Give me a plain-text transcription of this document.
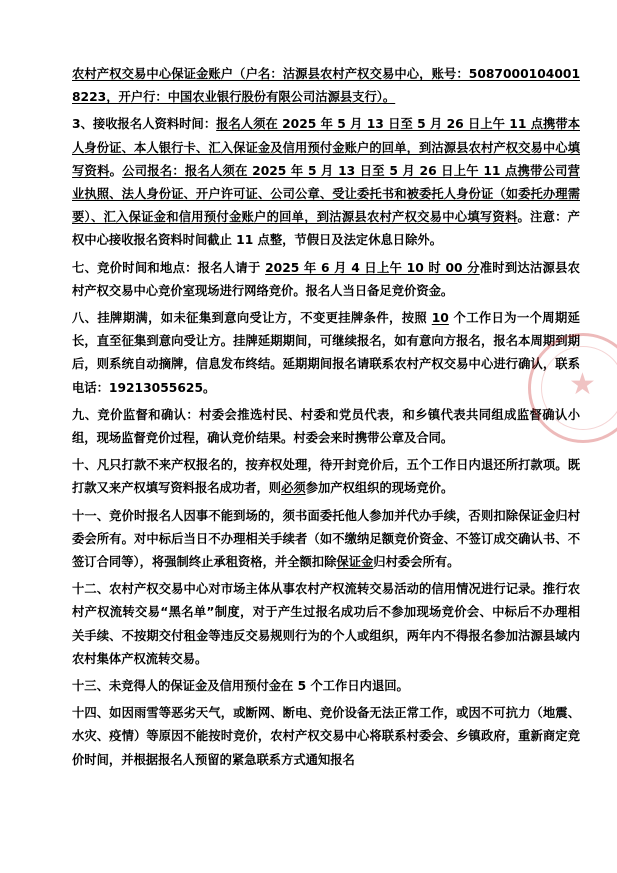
农村产权交易中心保证金账户（户名：沽源县农村产权交易中心，账号：5087000104001 8223，开户行：中国农业银行股份有限公司沽源县支行）。

3、接收报名人资料时间：报名人须在 2025 年 5 月 13 日至 5 月 26 日上午 11 点携带本人身份证、本人银行卡、汇入保证金及信用预付金账户的回单，到沽源县农村产权交易中心填写资料。公司报名：报名人须在 2025 年 5 月 13 日至 5 月 26 日上午 11 点携带公司营业执照、法人身份证、开户许可证、公司公章、受让委托书和被委托人身份证（如委托办理需要）、汇入保证金和信用预付金账户的回单，到沽源县农村产权交易中心填写资料。注意：产权中心接收报名资料时间截止 11 点整，节假日及法定休息日除外。

七、竞价时间和地点：报名人请于 2025 年 6 月 4 日上午 10 时 00 分准时到达沽源县农村产权交易中心竞价室现场进行网络竞价。报名人当日备足竞价资金。

八、挂牌期满，如未征集到意向受让方，不变更挂牌条件，按照 10 个工作日为一个周期延长，直至征集到意向受让方。挂牌延期期间，可继续报名，如有意向方报名，报名本周期到期后，则系统自动摘牌，信息发布终结。延期期间报名请联系农村产权交易中心进行确认，联系电话：19213055625。

九、竞价监督和确认：村委会推选村民、村委和党员代表，和乡镇代表共同组成监督确认小组，现场监督竞价过程，确认竞价结果。村委会来时携带公章及合同。

十、凡只打款不来产权报名的，按弃权处理，待开封竞价后，五个工作日内退还所打款项。既打款又来产权填写资料报名成功者，则必须参加产权组织的现场竞价。

十一、竞价时报名人因事不能到场的，须书面委托他人参加并代办手续，否则扣除保证金归村委会所有。对中标后当日不办理相关手续者（如不缴纳足额竞价资金、不签订成交确认书、不签订合同等），将强制终止承租资格，并全额扣除保证金归村委会所有。

十二、农村产权交易中心对市场主体从事农村产权流转交易活动的信用情况进行记录。推行农村产权流转交易“黑名单”制度，对于产生过报名成功后不参加现场竞价会、中标后不办理相关手续、不按期交付租金等违反交易规则行为的个人或组织，两年内不得报名参加沽源县域内农村集体产权流转交易。

十三、未竞得人的保证金及信用预付金在 5 个工作日内退回。

十四、如因雨雪等恶劣天气，或断网、断电、竞价设备无法正常工作，或因不可抗力（地震、水灾、疫情）等原因不能按时竞价，农村产权交易中心将联系村委会、乡镇政府，重新商定竞价时间，并根据报名人预留的紧急联系方式通知报名

★
